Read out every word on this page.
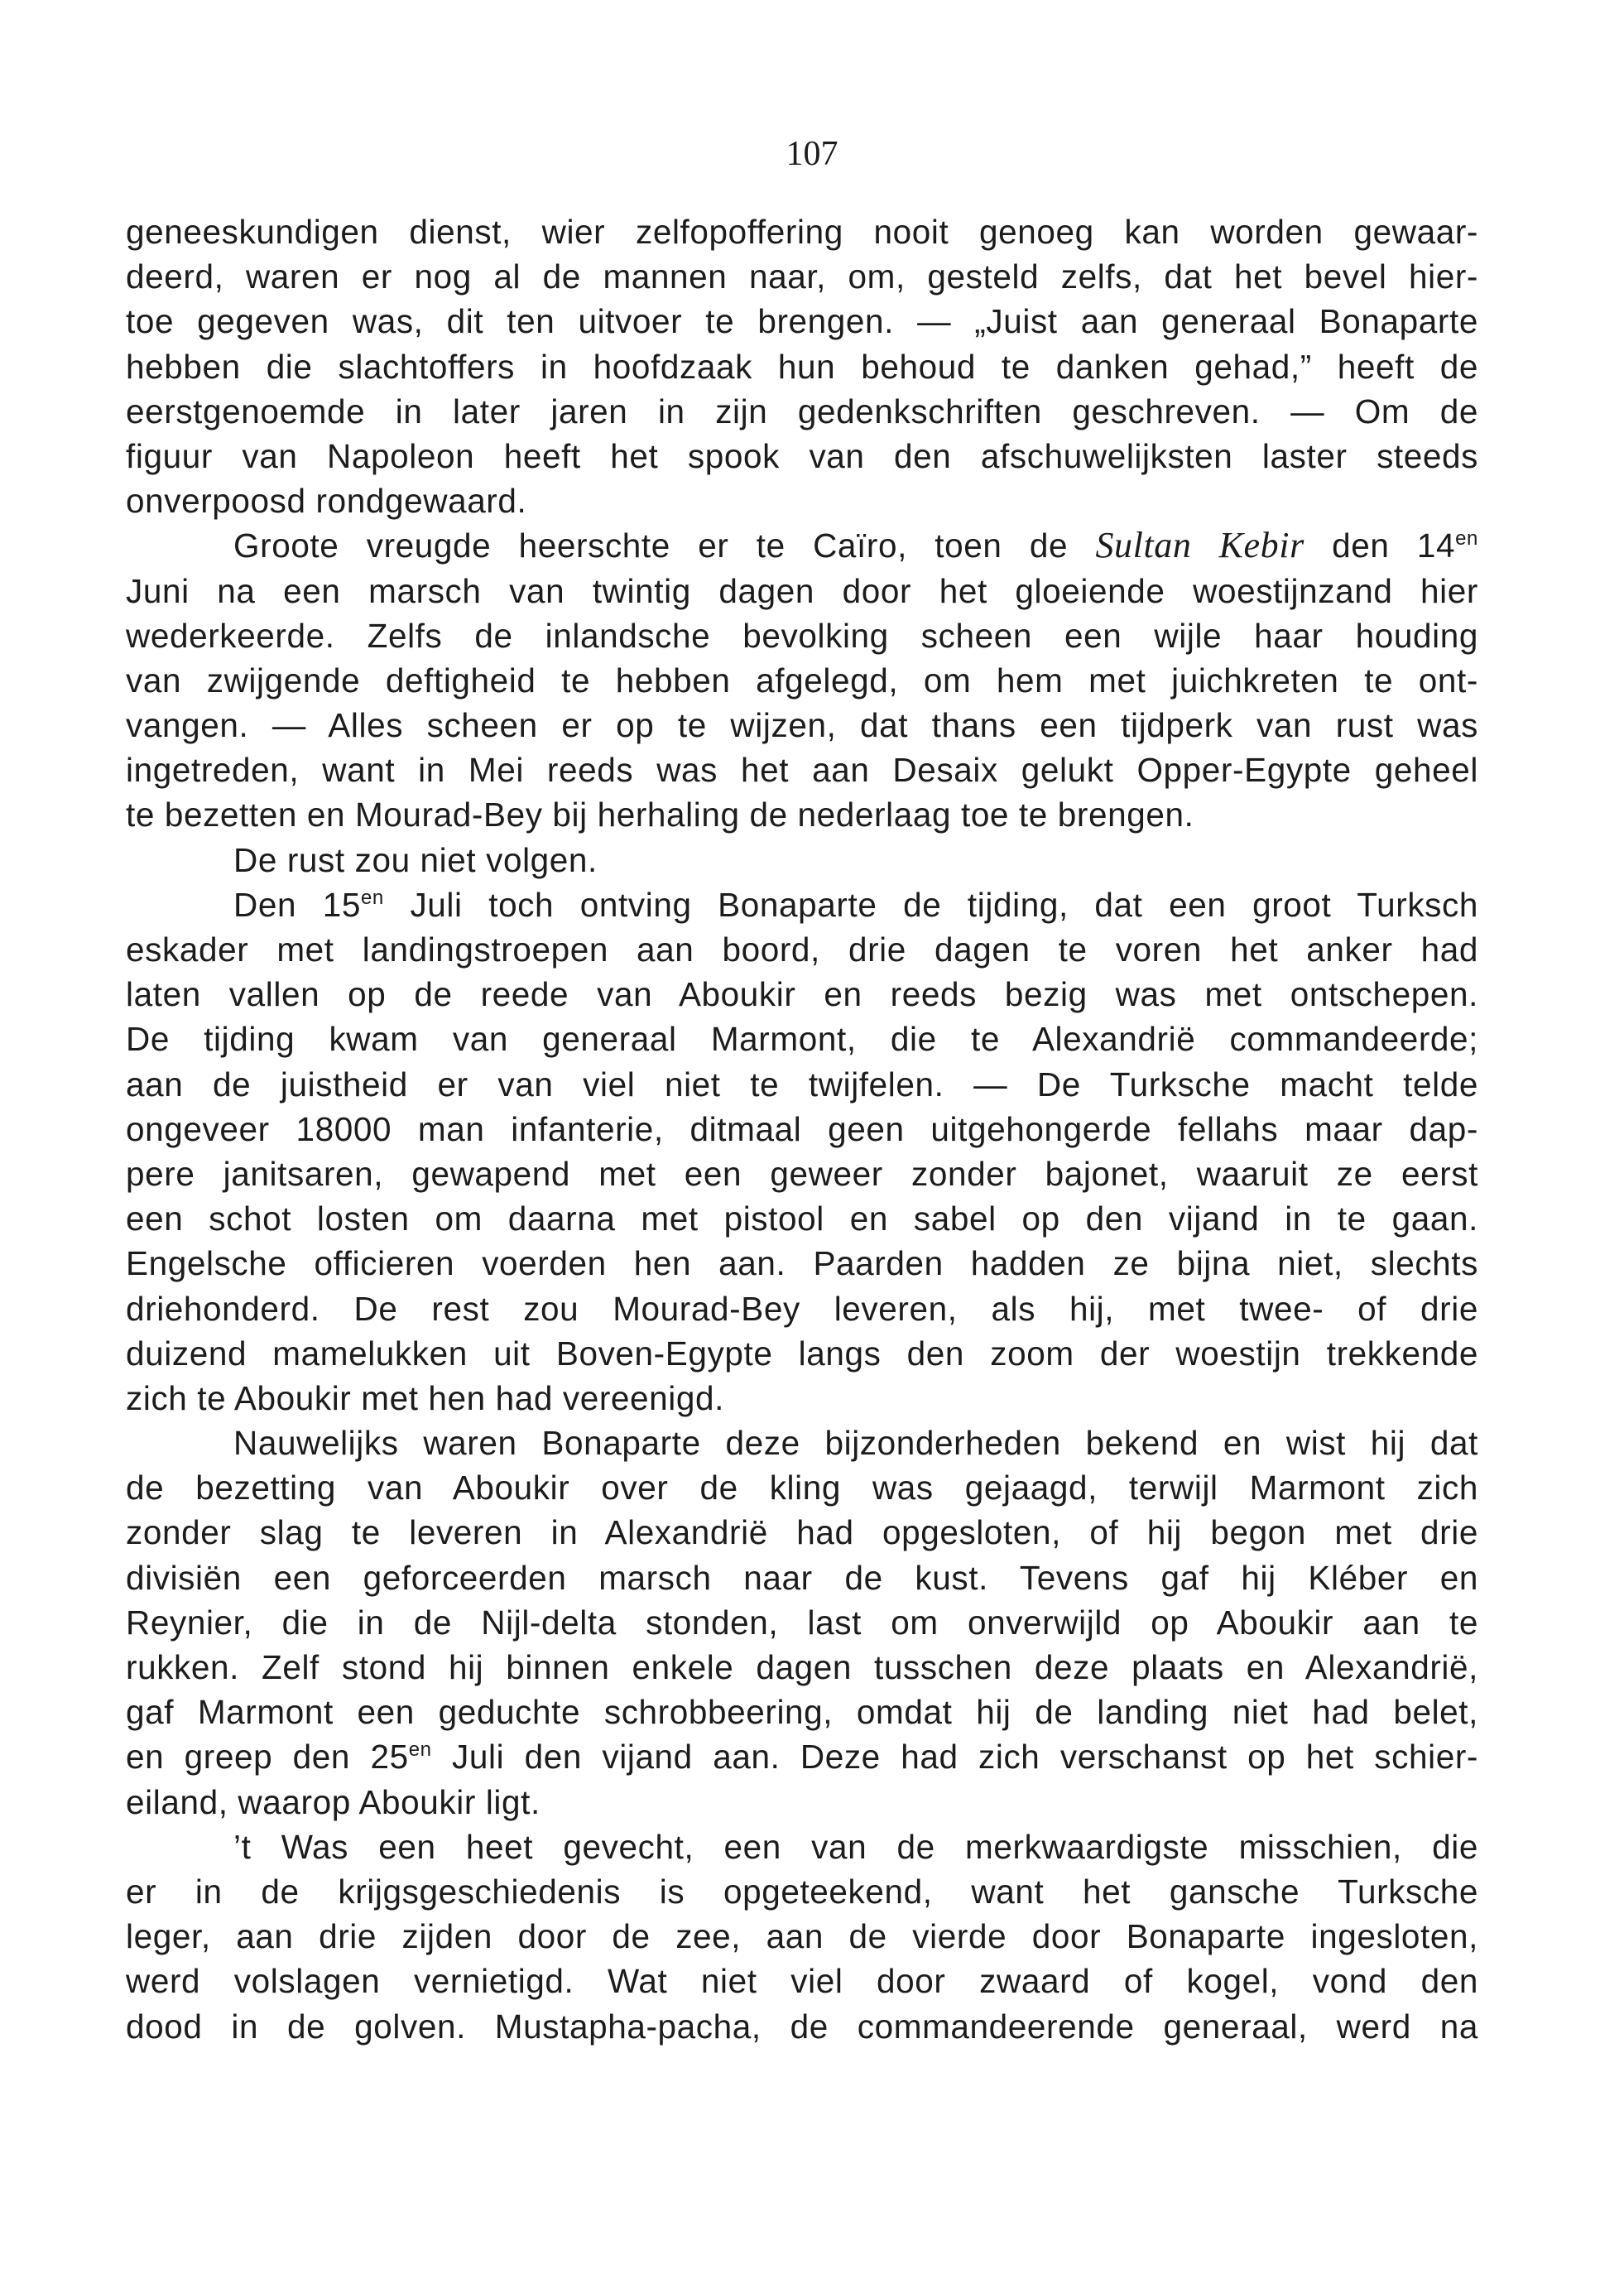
107
geneeskundigen dienst, wier zelfopoffering nooit genoeg kan worden gewaar-
deerd, waren er nog al de mannen naar, om, gesteld zelfs, dat het bevel hier-
toe gegeven was, dit ten uitvoer te brengen. — „Juist aan generaal Bonaparte
hebben die slachtoffers in hoofdzaak hun behoud te danken gehad,” heeft de
eerstgenoemde in later jaren in zijn gedenkschriften geschreven. — Om de
figuur van Napoleon heeft het spook van den afschuwelijksten laster steeds
onverpoosd rondgewaard.
Groote vreugde heerschte er te Caïro, toen de Sultan Kebir den $14^{en}$
Juni na een marsch van twintig dagen door het gloeiende woestijnzand hier
wederkeerde. Zelfs de inlandsche bevolking scheen een wijle haar houding
van zwijgende deftigheid te hebben afgelegd, om hem met juichkreten te ont-
vangen. — Alles scheen er op te wijzen, dat thans een tijdperk van rust was
ingetreden, want in Mei reeds was het aan Desaix gelukt Opper-Egypte geheel
te bezetten en Mourad-Bey bij herhaling de nederlaag toe te brengen.
De rust zou niet volgen.
Den $15^{en}$ Juli toch ontving Bonaparte de tijding, dat een groot Turksch
eskader met landingstroepen aan boord, drie dagen te voren het anker had
laten vallen op de reede van Aboukir en reeds bezig was met ontschepen.
De tijding kwam van generaal Marmont, die te Alexandrië commandeerde;
aan de juistheid er van viel niet te twijfelen. — De Turksche macht telde
ongeveer 18000 man infanterie, ditmaal geen uitgehongerde fellahs maar dap-
pere janitsaren, gewapend met een geweer zonder bajonet, waaruit ze eerst
een schot losten om daarna met pistool en sabel op den vijand in te gaan.
Engelsche officieren voerden hen aan. Paarden hadden ze bijna niet, slechts
driehonderd. De rest zou Mourad-Bey leveren, als hij, met twee- of drie
duizend mamelukken uit Boven-Egypte langs den zoom der woestijn trekkende
zich te Aboukir met hen had vereenigd.
Nauwelijks waren Bonaparte deze bijzonderheden bekend en wist hij dat
de bezetting van Aboukir over de kling was gejaagd, terwijl Marmont zich
zonder slag te leveren in Alexandrië had opgesloten, of hij begon met drie
divisiën een geforceerden marsch naar de kust. Tevens gaf hij Kléber en
Reynier, die in de Nijl-delta stonden, last om onverwijld op Aboukir aan te
rukken. Zelf stond hij binnen enkele dagen tusschen deze plaats en Alexandrië,
gaf Marmont een geduchte schrobbeering, omdat hij de landing niet had belet,
en greep den $25^{en}$ Juli den vijand aan. Deze had zich verschanst op het schier-
eiland, waarop Aboukir ligt.
’t Was een heet gevecht, een van de merkwaardigste misschien, die
er in de krijgsgeschiedenis is opgeteekend, want het gansche Turksche
leger, aan drie zijden door de zee, aan de vierde door Bonaparte ingesloten,
werd volslagen vernietigd. Wat niet viel door zwaard of kogel, vond den
dood in de golven. Mustapha-pacha, de commandeerende generaal, werd na
